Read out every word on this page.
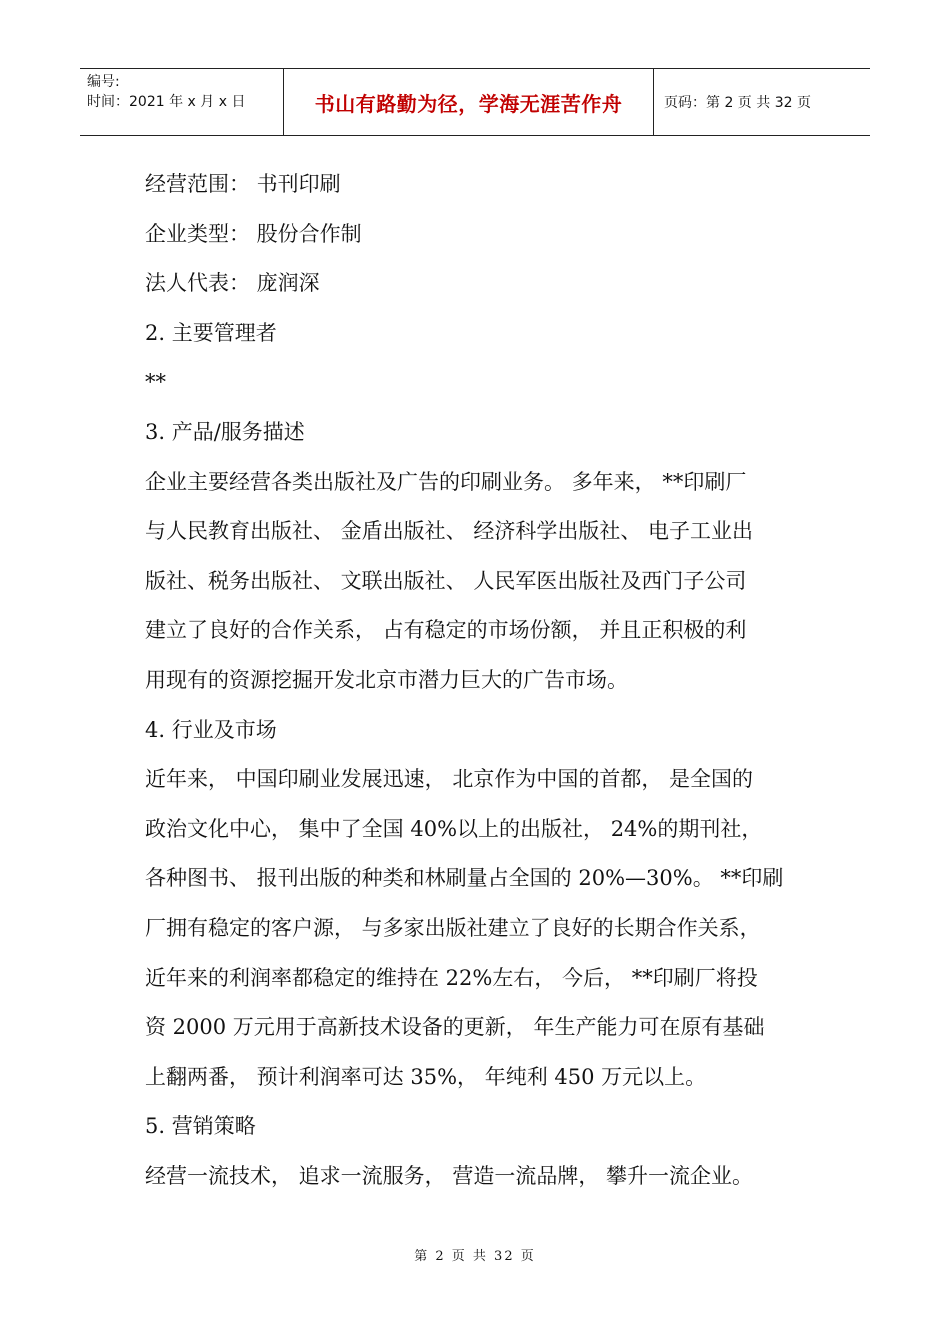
编号:
时间：2021 年 x 月 x 日	书山有路勤为径，学海无涯苦作舟	页码：第 2 页 共 32 页
经营范围： 书刊印刷
企业类型： 股份合作制
法人代表： 庞润深
2. 主要管理者
**
3. 产品/服务描述
企业主要经营各类出版社及广告的印刷业务。 多年来， **印刷厂
与人民教育出版社、 金盾出版社、 经济科学出版社、 电子工业出
版社、税务出版社、 文联出版社、 人民军医出版社及西门子公司
建立了良好的合作关系， 占有稳定的市场份额， 并且正积极的利
用现有的资源挖掘开发北京市潜力巨大的广告市场。
4. 行业及市场
近年来， 中国印刷业发展迅速， 北京作为中国的首都， 是全国的
政治文化中心， 集中了全国 40%以上的出版社， 24%的期刊社，
各种图书、 报刊出版的种类和林刷量占全国的 20%—30%。 **印刷
厂拥有稳定的客户源， 与多家出版社建立了良好的长期合作关系，
近年来的利润率都稳定的维持在 22%左右， 今后， **印刷厂将投
资 2000 万元用于高新技术设备的更新， 年生产能力可在原有基础
上翻两番， 预计利润率可达 35%， 年纯利 450 万元以上。
5. 营销策略
经营一流技术， 追求一流服务， 营造一流品牌， 攀升一流企业。
第 2 页 共 32 页
